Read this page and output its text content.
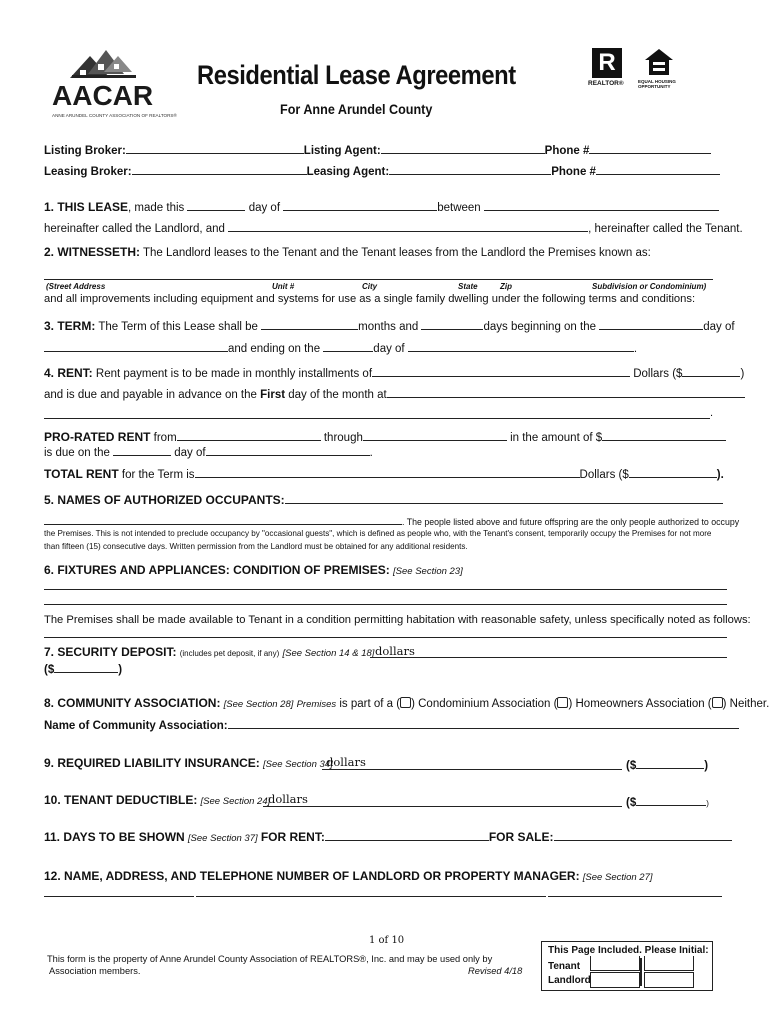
AACAR
ANNE ARUNDEL COUNTY ASSOCIATION OF REALTORS®
Residential Lease Agreement
For Anne Arundel County
R
REALTOR®	EQUAL HOUSING OPPORTUNITY
Listing Broker:	Listing Agent:	Phone #
Leasing Broker:	Leasing Agent:	Phone #
1. THIS LEASE, made this	day of	between
hereinafter called the Landlord, and	, hereinafter called the Tenant.
2. WITNESSETH: The Landlord leases to the Tenant and the Tenant leases from the Landlord the Premises known as:
(Street Address	Unit #	City	State	Zip	Subdivision or Condominium)
and all improvements including equipment and systems for use as a single family dwelling under the following terms and conditions:
3. TERM: The Term of this Lease shall be	months and	days beginning on the	day of
and ending on the	day of	.
4. RENT: Rent payment is to be made in monthly installments of	Dollars ($	)
and is due and payable in advance on the First day of the month at
.
PRO-RATED RENT from	through	in the amount of $
is due on the	day of	.
TOTAL RENT for the Term is	Dollars ($	).
5. NAMES OF AUTHORIZED OCCUPANTS:
. The people listed above and future offspring are the only people authorized to occupy
the Premises. This is not intended to preclude occupancy by "occasional guests", which is defined as people who, with the Tenant's consent, temporarily occupy the Premises for not more
than fifteen (15) consecutive days. Written permission from the Landlord must be obtained for any additional residents.
6. FIXTURES AND APPLIANCES: CONDITION OF PREMISES: [See Section 23]
The Premises shall be made available to Tenant in a condition permitting habitation with reasonable safety, unless specifically noted as follows:
7. SECURITY DEPOSIT: (includes pet deposit, if any) [See Section 14 & 18] dollars
($	)
8. COMMUNITY ASSOCIATION: [See Section 28] Premises is part of a ( ) Condominium Association ( ) Homeowners Association ( ) Neither.
Name of Community Association:
9. REQUIRED LIABILITY INSURANCE: [See Section 34]
dollars	($	)
10. TENANT DEDUCTIBLE: [See Section 24]
dollars	($	)
11. DAYS TO BE SHOWN [See Section 37] FOR RENT:	FOR SALE:
12. NAME, ADDRESS, AND TELEPHONE NUMBER OF LANDLORD OR PROPERTY MANAGER: [See Section 27]
1 of 10
This form is the property of Anne Arundel County Association of REALTORS®, Inc. and may be used only by
Association members.	Revised 4/18
This Page Included. Please Initial:
Tenant
Landlord
